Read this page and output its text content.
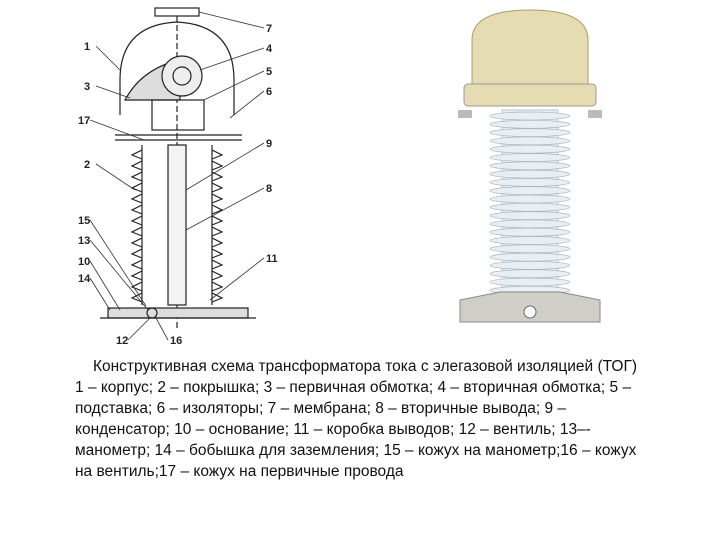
1
2
3
4
5
6
7
8
9
10	11
12
13
14
15
16
17
Конструктивная схема трансформатора тока с элегазовой изоляцией (ТОГ)
1 – корпус; 2 – покрышка; 3 – первичная обмотка; 4 – вторичная обмотка; 5 – подставка; 6 – изоляторы; 7 – мембрана; 8 – вторичные вывода; 9 – конденсатор; 10 – основание; 11 – коробка выводов; 12 – вентиль; 13–-манометр; 14 – бобышка для заземления; 15 – кожух на манометр;16 – кожух на вентиль;17 – кожух на первичные провода
